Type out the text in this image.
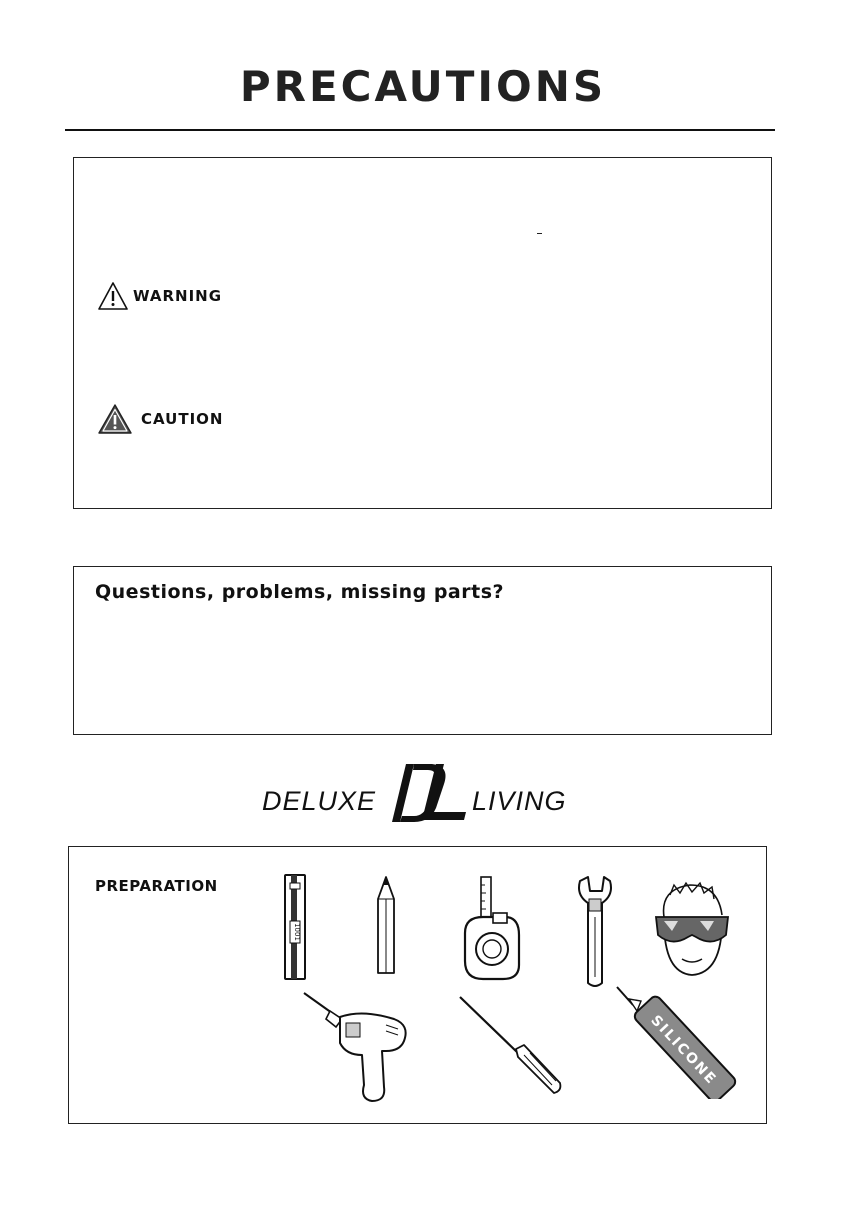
PRECAUTIONS
WARNING
CAUTION
Questions, problems, missing parts?
DELUXE	LIVING
PREPARATION
1001
SILICONE
